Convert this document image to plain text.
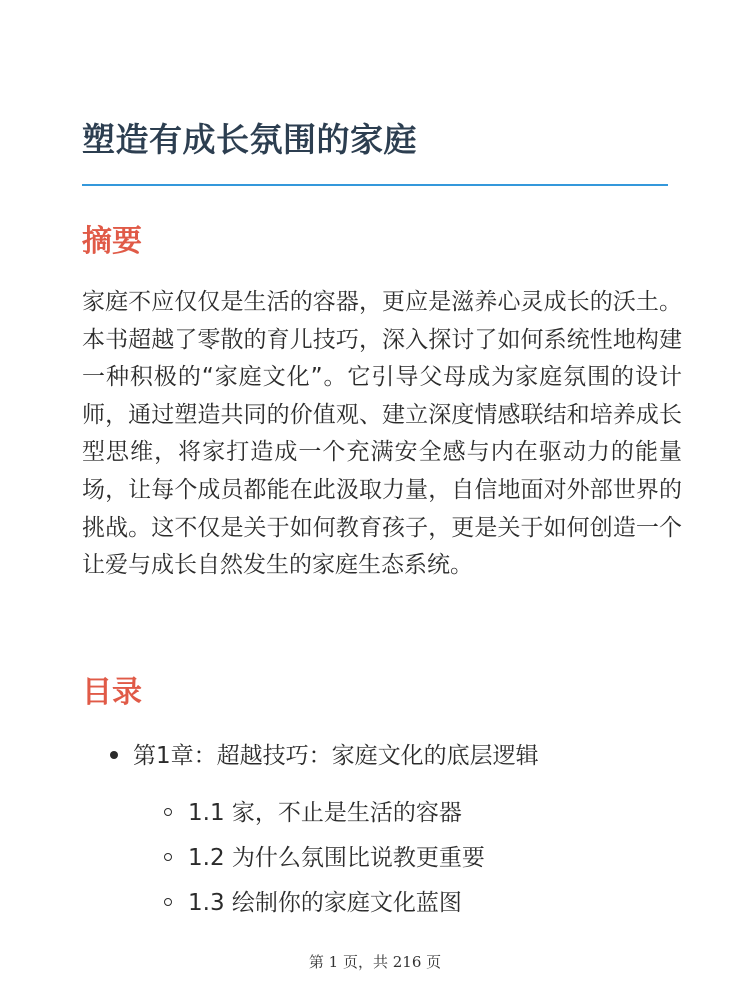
塑造有成长氛围的家庭
摘要

家庭不应仅仅是生活的容器，更应是滋养心灵成长的沃土。本书超越了零散的育儿技巧，深入探讨了如何系统性地构建一种积极的“家庭文化”。它引导父母成为家庭氛围的设计师，通过塑造共同的价值观、建立深度情感联结和培养成长型思维，将家打造成一个充满安全感与内在驱动力的能量场，让每个成员都能在此汲取力量，自信地面对外部世界的挑战。这不仅是关于如何教育孩子，更是关于如何创造一个让爱与成长自然发生的家庭生态系统。

目录
第1章：超越技巧：家庭文化的底层逻辑
1.1 家，不止是生活的容器
1.2 为什么氛围比说教更重要
1.3 绘制你的家庭文化蓝图
第 1 页，共 216 页
